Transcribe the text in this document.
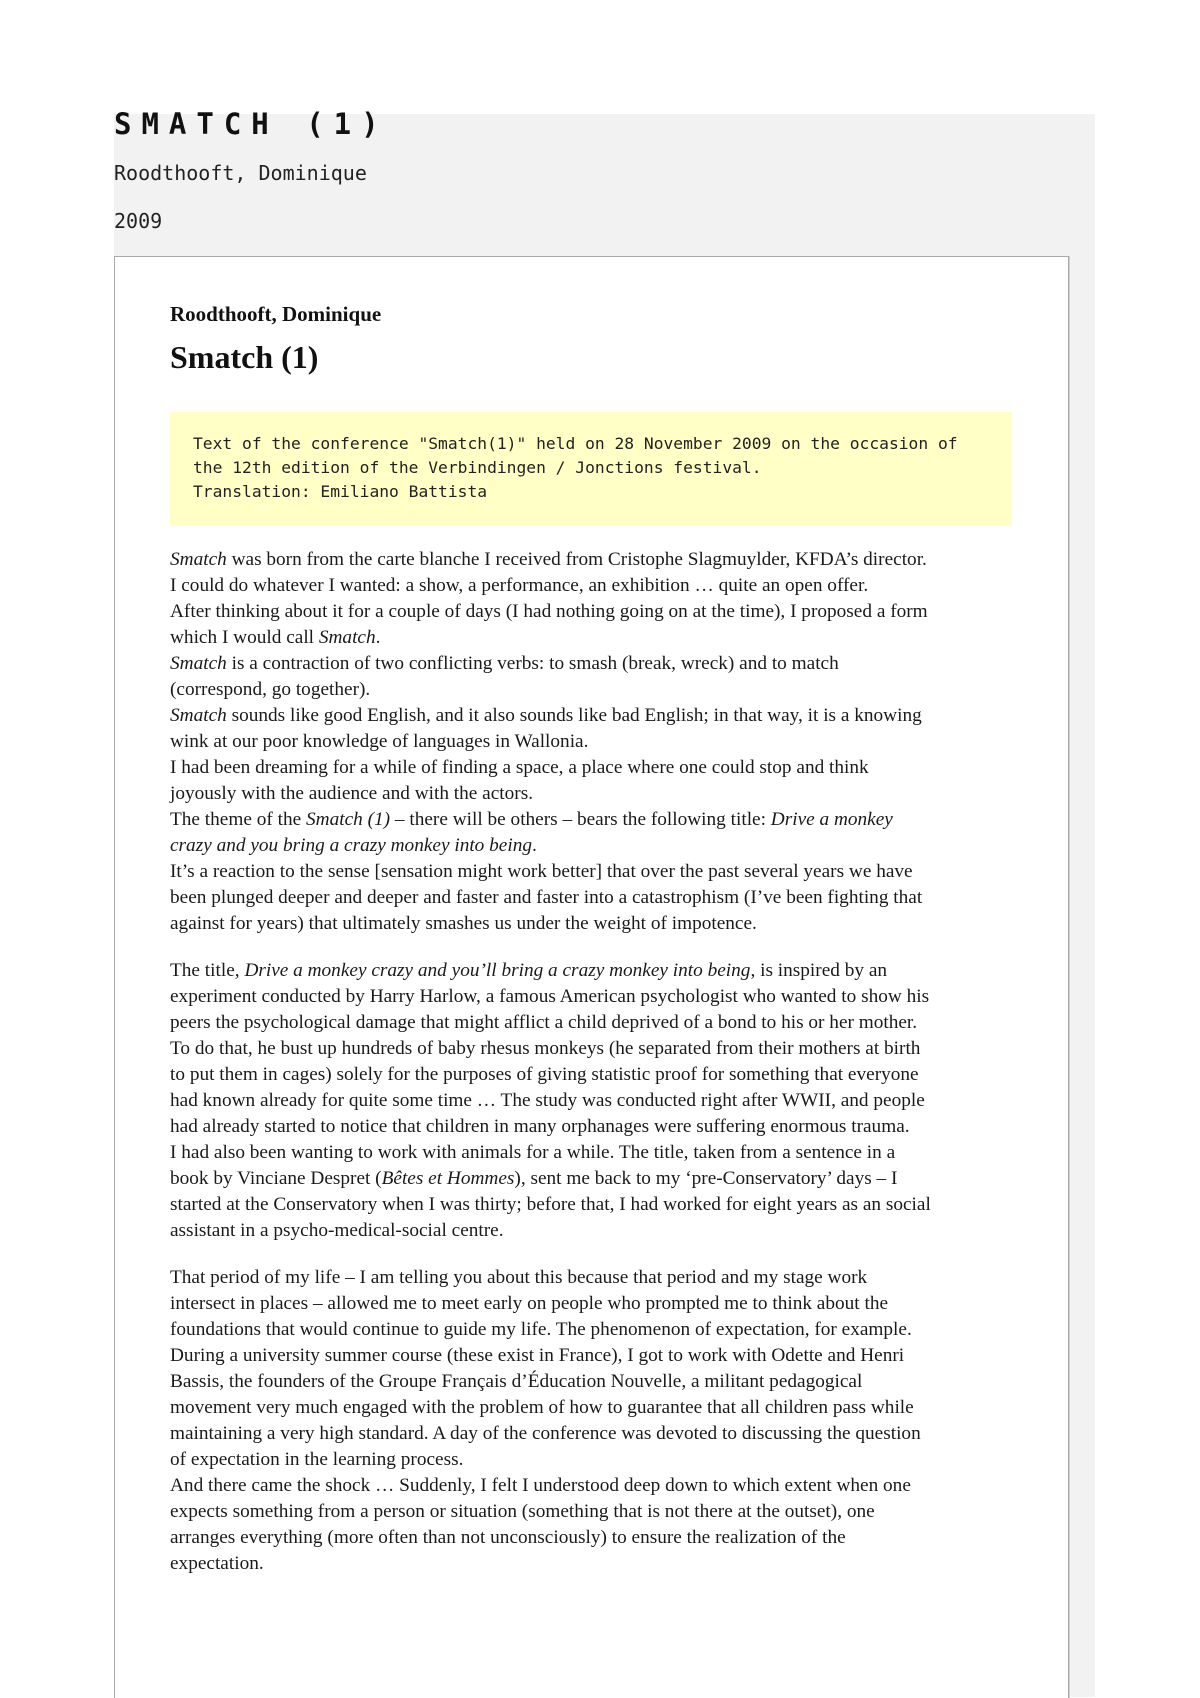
SMATCH (1)
Roodthooft, Dominique
2009
Roodthooft, Dominique
Smatch (1)
Text of the conference "Smatch(1)" held on 28 November 2009 on the occasion of
the 12th edition of the Verbindingen / Jonctions festival.
Translation: Emiliano Battista

Smatch was born from the carte blanche I received from Cristophe Slagmuylder, KFDA’s director.
I could do whatever I wanted: a show, a performance, an exhibition … quite an open offer.
After thinking about it for a couple of days (I had nothing going on at the time), I proposed a form
which I would call Smatch.
Smatch is a contraction of two conflicting verbs: to smash (break, wreck) and to match
(correspond, go together).
Smatch sounds like good English, and it also sounds like bad English; in that way, it is a knowing
wink at our poor knowledge of languages in Wallonia.
I had been dreaming for a while of finding a space, a place where one could stop and think
joyously with the audience and with the actors.
The theme of the Smatch (1) – there will be others – bears the following title: Drive a monkey
crazy and you bring a crazy monkey into being.
It’s a reaction to the sense [sensation might work better] that over the past several years we have
been plunged deeper and deeper and faster and faster into a catastrophism (I’ve been fighting that
against for years) that ultimately smashes us under the weight of impotence.

The title, Drive a monkey crazy and you’ll bring a crazy monkey into being, is inspired by an
experiment conducted by Harry Harlow, a famous American psychologist who wanted to show his
peers the psychological damage that might afflict a child deprived of a bond to his or her mother.
To do that, he bust up hundreds of baby rhesus monkeys (he separated from their mothers at birth
to put them in cages) solely for the purposes of giving statistic proof for something that everyone
had known already for quite some time … The study was conducted right after WWII, and people
had already started to notice that children in many orphanages were suffering enormous trauma.
I had also been wanting to work with animals for a while. The title, taken from a sentence in a
book by Vinciane Despret (Bêtes et Hommes), sent me back to my ‘pre-Conservatory’ days – I
started at the Conservatory when I was thirty; before that, I had worked for eight years as an social
assistant in a psycho-medical-social centre.

That period of my life – I am telling you about this because that period and my stage work
intersect in places – allowed me to meet early on people who prompted me to think about the
foundations that would continue to guide my life. The phenomenon of expectation, for example.
During a university summer course (these exist in France), I got to work with Odette and Henri
Bassis, the founders of the Groupe Français d’Éducation Nouvelle, a militant pedagogical
movement very much engaged with the problem of how to guarantee that all children pass while
maintaining a very high standard. A day of the conference was devoted to discussing the question
of expectation in the learning process.
And there came the shock … Suddenly, I felt I understood deep down to which extent when one
expects something from a person or situation (something that is not there at the outset), one
arranges everything (more often than not unconsciously) to ensure the realization of the
expectation.
